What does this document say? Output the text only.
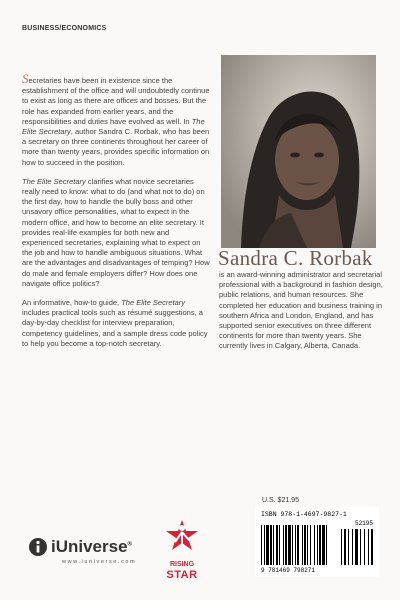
BUSINESS/ECONOMICS

Secretaries have been in existence since the establishment of the office and will undoubtedly continue to exist as long as there are offices and bosses. But the role has expanded from earlier years, and the responsibilities and duties have evolved as well. In The Elite Secretary, author Sandra C. Rorbak, who has been a secretary on three continents throughout her career of more than twenty years, provides specific information on how to succeed in the position.

The Elite Secretary clarifies what novice secretaries really need to know: what to do (and what not to do) on the first day, how to handle the bully boss and other unsavory office personalities, what to expect in the modern office, and how to become an elite secretary. It provides real-life examples for both new and experienced secretaries, explaining what to expect on the job and how to handle ambiguous situations. What are the advantages and disadvantages of temping? How do male and female employers differ? How does one navigate office politics?

An informative, how-to guide, The Elite Secretary includes practical tools such as résumé suggestions, a day-by-day checklist for interview preparation, competency guidelines, and a sample dress code policy to help you become a top-notch secretary.

Sandra C. Rorbak

is an award-winning administrator and secretarial professional with a background in fashion design, public relations, and human resources. She completed her education and business training in southern Africa and London, England, and has supported senior executives on three different continents for more than twenty years. She currently lives in Calgary, Alberta, Canada.

iUniverse®
www.iuniverse.com	RISING
STAR
U.S. $21.95
ISBN 978-1-4697-9827-1
52195
9 781469 798271
